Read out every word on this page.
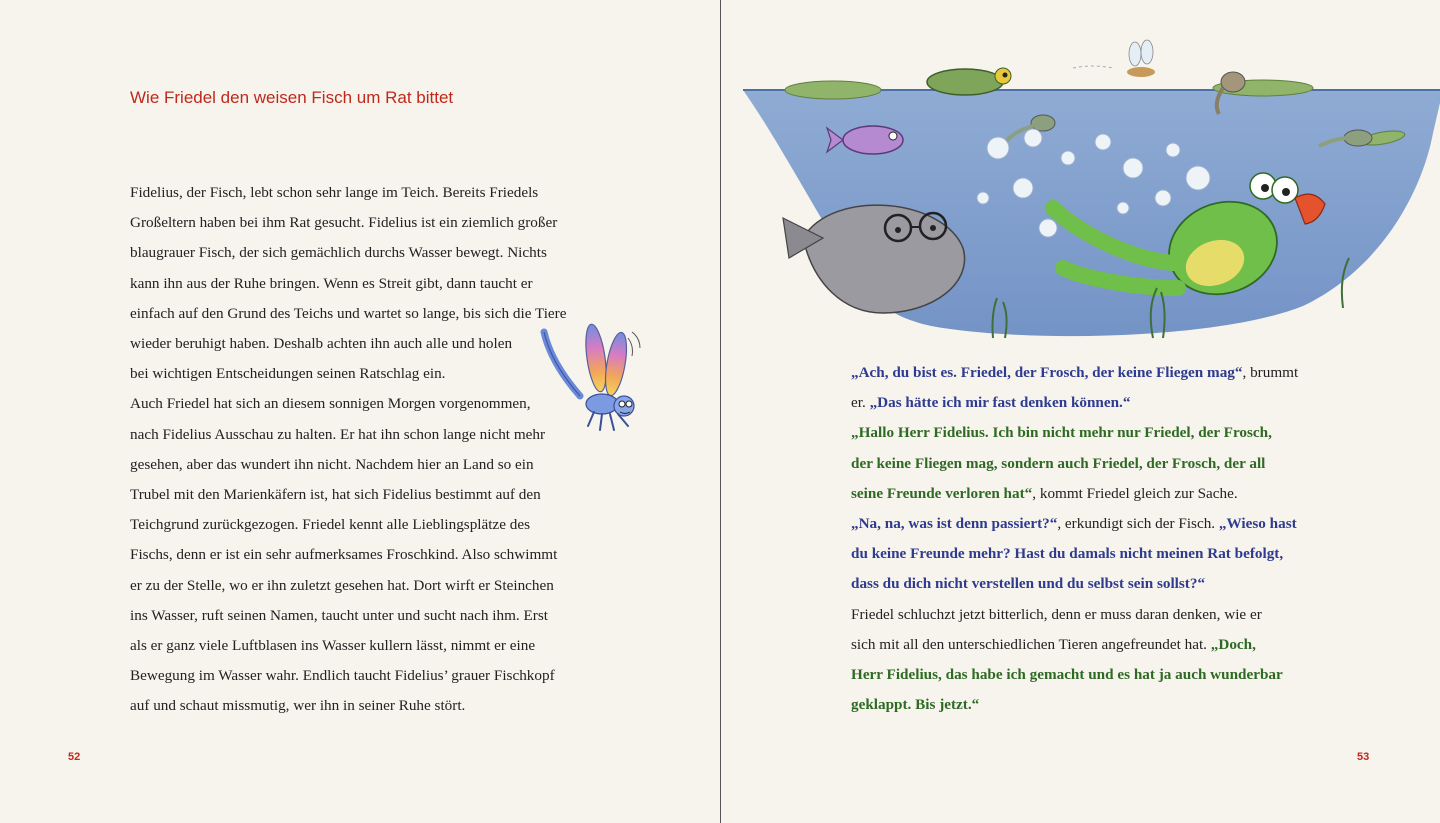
Wie Friedel den weisen Fisch um Rat bittet
Fidelius, der Fisch, lebt schon sehr lange im Teich. Bereits Friedels
Großeltern haben bei ihm Rat gesucht. Fidelius ist ein ziemlich großer
blaugrauer Fisch, der sich gemächlich durchs Wasser bewegt. Nichts
kann ihn aus der Ruhe bringen. Wenn es Streit gibt, dann taucht er
einfach auf den Grund des Teichs und wartet so lange, bis sich die Tiere
wieder beruhigt haben. Deshalb achten ihn auch alle und holen
bei wichtigen Entscheidungen seinen Ratschlag ein.
Auch Friedel hat sich an diesem sonnigen Morgen vorgenommen,
nach Fidelius Ausschau zu halten. Er hat ihn schon lange nicht mehr
gesehen, aber das wundert ihn nicht. Nachdem hier an Land so ein
Trubel mit den Marienkäfern ist, hat sich Fidelius bestimmt auf den
Teichgrund zurückgezogen. Friedel kennt alle Lieblingsplätze des
Fischs, denn er ist ein sehr aufmerksames Froschkind. Also schwimmt
er zu der Stelle, wo er ihn zuletzt gesehen hat. Dort wirft er Steinchen
ins Wasser, ruft seinen Namen, taucht unter und sucht nach ihm. Erst
als er ganz viele Luftblasen ins Wasser kullern lässt, nimmt er eine
Bewegung im Wasser wahr. Endlich taucht Fidelius’ grauer Fischkopf
auf und schaut missmutig, wer ihn in seiner Ruhe stört.
52
„Ach, du bist es. Friedel, der Frosch, der keine Fliegen mag“, brummt
er. „Das hätte ich mir fast denken können.“
„Hallo Herr Fidelius. Ich bin nicht mehr nur Friedel, der Frosch,
der keine Fliegen mag, sondern auch Friedel, der Frosch, der all
seine Freunde verloren hat“, kommt Friedel gleich zur Sache.
„Na, na, was ist denn passiert?“, erkundigt sich der Fisch. „Wieso hast
du keine Freunde mehr? Hast du damals nicht meinen Rat befolgt,
dass du dich nicht verstellen und du selbst sein sollst?“
Friedel schluchzt jetzt bitterlich, denn er muss daran denken, wie er
sich mit all den unterschiedlichen Tieren angefreundet hat. „Doch,
Herr Fidelius, das habe ich gemacht und es hat ja auch wunderbar
geklappt. Bis jetzt.“
53
